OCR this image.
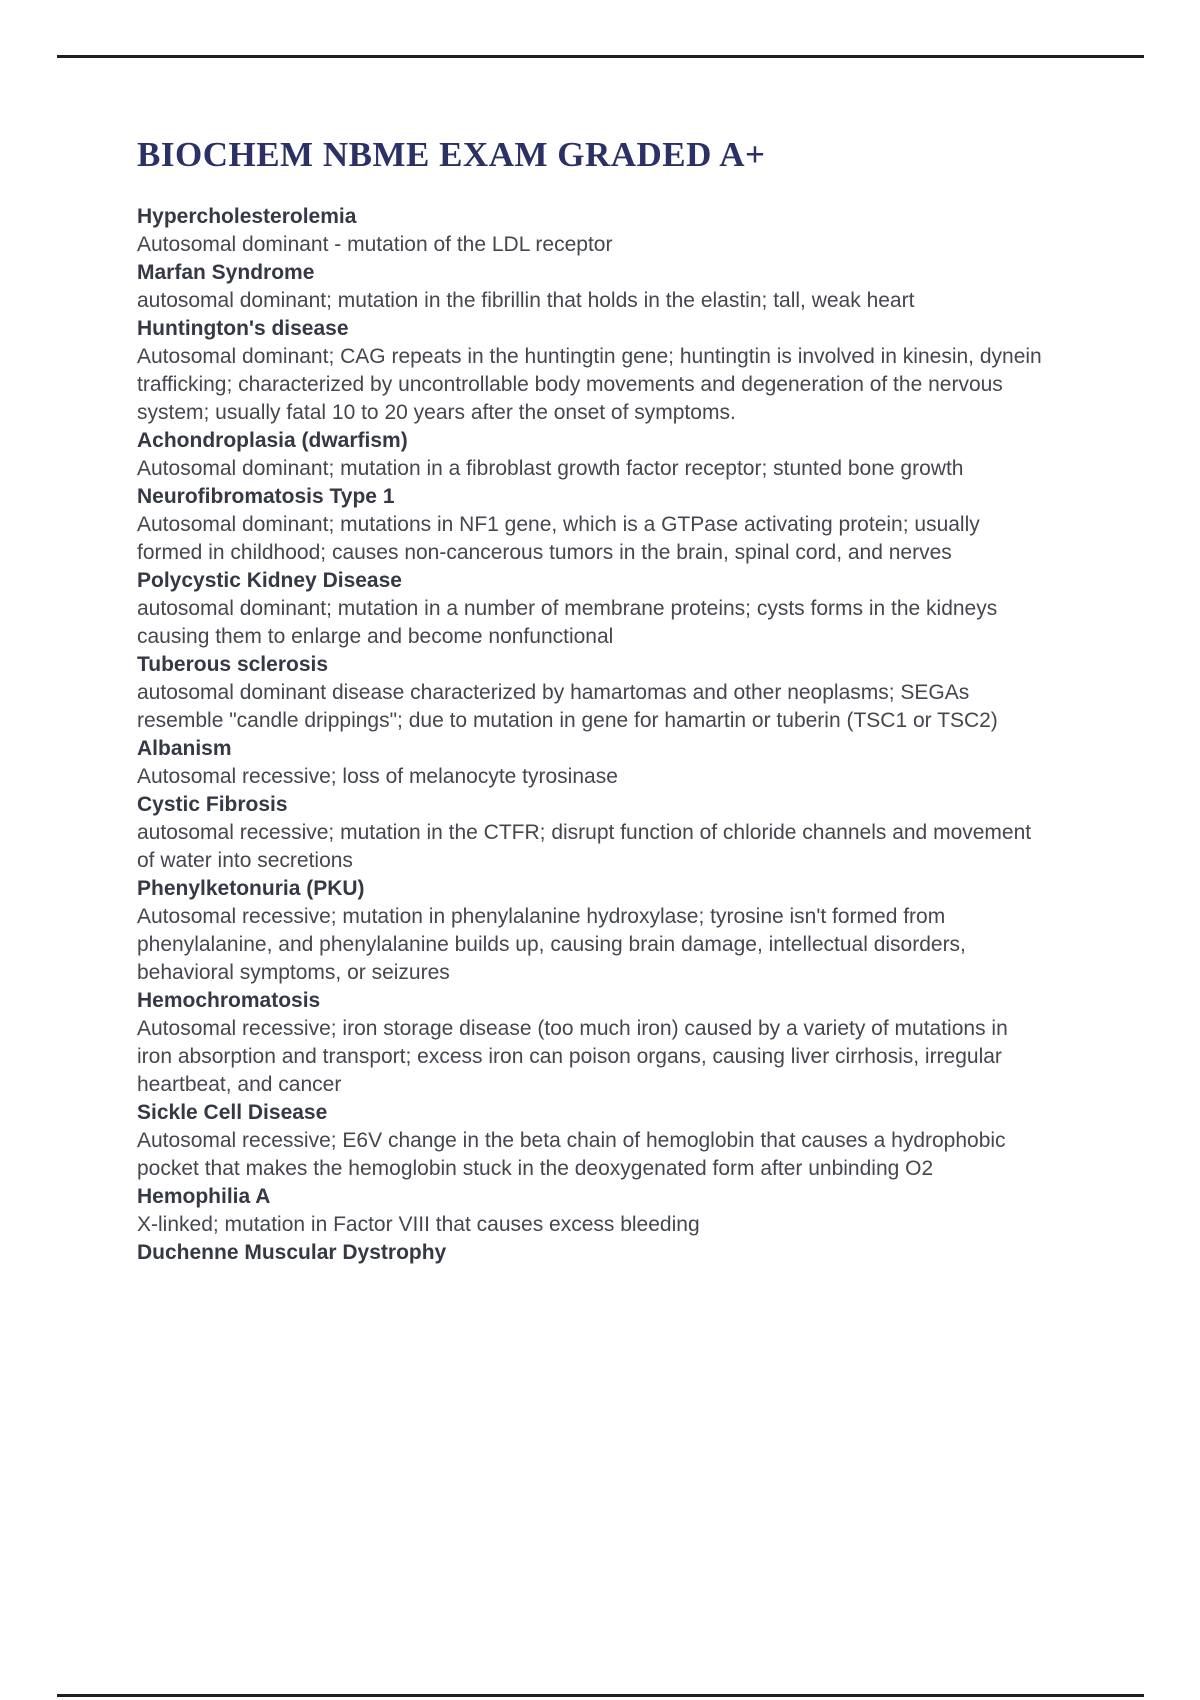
BIOCHEM NBME EXAM GRADED A+
Hypercholesterolemia
Autosomal dominant - mutation of the LDL receptor
Marfan Syndrome
autosomal dominant; mutation in the fibrillin that holds in the elastin; tall, weak heart
Huntington's disease
Autosomal dominant; CAG repeats in the huntingtin gene; huntingtin is involved in kinesin, dynein trafficking; characterized by uncontrollable body movements and degeneration of the nervous system; usually fatal 10 to 20 years after the onset of symptoms.
Achondroplasia (dwarfism)
Autosomal dominant; mutation in a fibroblast growth factor receptor; stunted bone growth
Neurofibromatosis Type 1
Autosomal dominant; mutations in NF1 gene, which is a GTPase activating protein; usually formed in childhood; causes non-cancerous tumors in the brain, spinal cord, and nerves
Polycystic Kidney Disease
autosomal dominant; mutation in a number of membrane proteins; cysts forms in the kidneys causing them to enlarge and become nonfunctional
Tuberous sclerosis
autosomal dominant disease characterized by hamartomas and other neoplasms; SEGAs resemble "candle drippings"; due to mutation in gene for hamartin or tuberin (TSC1 or TSC2)
Albanism
Autosomal recessive; loss of melanocyte tyrosinase
Cystic Fibrosis
autosomal recessive; mutation in the CTFR; disrupt function of chloride channels and movement of water into secretions
Phenylketonuria (PKU)
Autosomal recessive; mutation in phenylalanine hydroxylase; tyrosine isn't formed from phenylalanine, and phenylalanine builds up, causing brain damage, intellectual disorders, behavioral symptoms, or seizures
Hemochromatosis
Autosomal recessive; iron storage disease (too much iron) caused by a variety of mutations in iron absorption and transport; excess iron can poison organs, causing liver cirrhosis, irregular heartbeat, and cancer
Sickle Cell Disease
Autosomal recessive; E6V change in the beta chain of hemoglobin that causes a hydrophobic pocket that makes the hemoglobin stuck in the deoxygenated form after unbinding O2
Hemophilia A
X-linked; mutation in Factor VIII that causes excess bleeding
Duchenne Muscular Dystrophy
